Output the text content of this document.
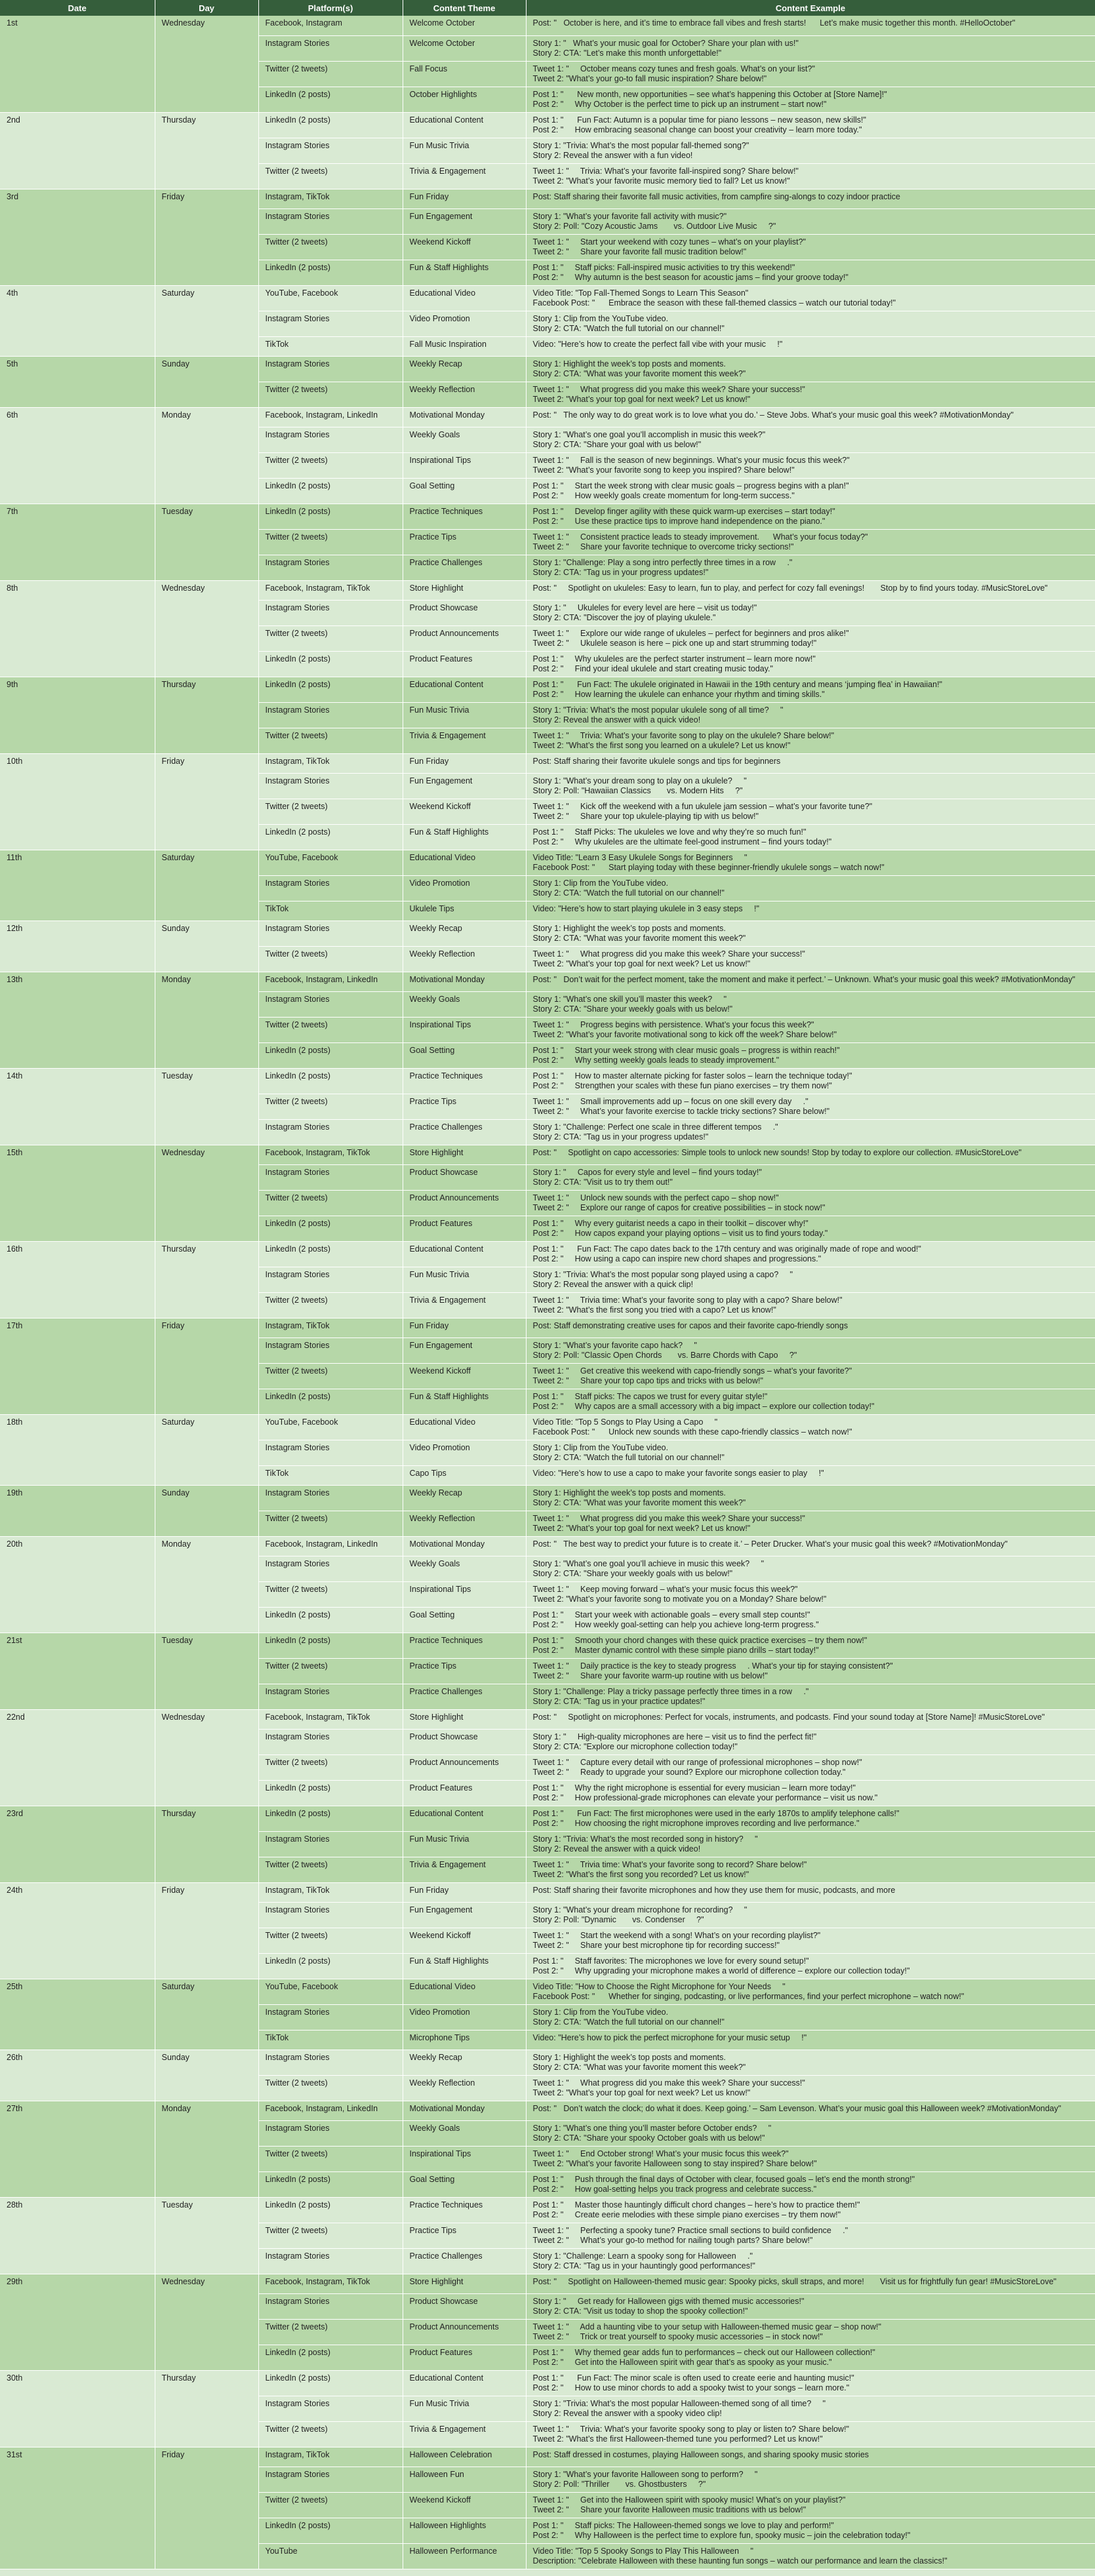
Date	Day	Platform(s)	Content Theme	Content Example
1st	Wednesday	Facebook, Instagram	Welcome October	Post: "   October is here, and it’s time to embrace fall vibes and fresh starts!      Let’s make music together this month. #HelloOctober"
		Instagram Stories	Welcome October	Story 1: "   What’s your music goal for October? Share your plan with us!"
Story 2: CTA: "Let’s make this month unforgettable!"
		Twitter (2 tweets)	Fall Focus	Tweet 1: "     October means cozy tunes and fresh goals. What’s on your list?"
Tweet 2: "What’s your go-to fall music inspiration? Share below!"
		LinkedIn (2 posts)	October Highlights	Post 1: "      New month, new opportunities – see what’s happening this October at [Store Name]!"
Post 2: "     Why October is the perfect time to pick up an instrument – start now!"
2nd	Thursday	LinkedIn (2 posts)	Educational Content	Post 1: "      Fun Fact: Autumn is a popular time for piano lessons – new season, new skills!"
Post 2: "     How embracing seasonal change can boost your creativity – learn more today."
		Instagram Stories	Fun Music Trivia	Story 1: "Trivia: What’s the most popular fall-themed song?"
Story 2: Reveal the answer with a fun video!
		Twitter (2 tweets)	Trivia & Engagement	Tweet 1: "     Trivia: What’s your favorite fall-inspired song? Share below!"
Tweet 2: "What’s your favorite music memory tied to fall? Let us know!"
3rd	Friday	Instagram, TikTok	Fun Friday	Post: Staff sharing their favorite fall music activities, from campfire sing-alongs to cozy indoor practice
		Instagram Stories	Fun Engagement	Story 1: "What’s your favorite fall activity with music?"
Story 2: Poll: "Cozy Acoustic Jams       vs. Outdoor Live Music     ?"
		Twitter (2 tweets)	Weekend Kickoff	Tweet 1: "     Start your weekend with cozy tunes – what’s on your playlist?"
Tweet 2: "     Share your favorite fall music tradition below!"
		LinkedIn (2 posts)	Fun & Staff Highlights	Post 1: "     Staff picks: Fall-inspired music activities to try this weekend!"
Post 2: "     Why autumn is the best season for acoustic jams – find your groove today!"
4th	Saturday	YouTube, Facebook	Educational Video	Video Title: "Top Fall-Themed Songs to Learn This Season"
Facebook Post: "      Embrace the season with these fall-themed classics – watch our tutorial today!"
		Instagram Stories	Video Promotion	Story 1: Clip from the YouTube video.
Story 2: CTA: "Watch the full tutorial on our channel!"
		TikTok	Fall Music Inspiration	Video: "Here’s how to create the perfect fall vibe with your music     !"
5th	Sunday	Instagram Stories	Weekly Recap	Story 1: Highlight the week’s top posts and moments.
Story 2: CTA: "What was your favorite moment this week?"
		Twitter (2 tweets)	Weekly Reflection	Tweet 1: "     What progress did you make this week? Share your success!"
Tweet 2: "What’s your top goal for next week? Let us know!"
6th	Monday	Facebook, Instagram, LinkedIn	Motivational Monday	Post: "   The only way to do great work is to love what you do.’ – Steve Jobs. What’s your music goal this week? #MotivationMonday"
		Instagram Stories	Weekly Goals	Story 1: "What’s one goal you’ll accomplish in music this week?"
Story 2: CTA: "Share your goal with us below!"
		Twitter (2 tweets)	Inspirational Tips	Tweet 1: "     Fall is the season of new beginnings. What’s your music focus this week?"
Tweet 2: "What’s your favorite song to keep you inspired? Share below!"
		LinkedIn (2 posts)	Goal Setting	Post 1: "     Start the week strong with clear music goals – progress begins with a plan!"
Post 2: "     How weekly goals create momentum for long-term success."
7th	Tuesday	LinkedIn (2 posts)	Practice Techniques	Post 1: "     Develop finger agility with these quick warm-up exercises – start today!"
Post 2: "     Use these practice tips to improve hand independence on the piano."
		Twitter (2 tweets)	Practice Tips	Tweet 1: "     Consistent practice leads to steady improvement.      What’s your focus today?"
Tweet 2: "     Share your favorite technique to overcome tricky sections!"
		Instagram Stories	Practice Challenges	Story 1: "Challenge: Play a song intro perfectly three times in a row     ."
Story 2: CTA: "Tag us in your progress updates!"
8th	Wednesday	Facebook, Instagram, TikTok	Store Highlight	Post: "     Spotlight on ukuleles: Easy to learn, fun to play, and perfect for cozy fall evenings!       Stop by to find yours today. #MusicStoreLove"
		Instagram Stories	Product Showcase	Story 1: "     Ukuleles for every level are here – visit us today!"
Story 2: CTA: "Discover the joy of playing ukulele."
		Twitter (2 tweets)	Product Announcements	Tweet 1: "     Explore our wide range of ukuleles – perfect for beginners and pros alike!"
Tweet 2: "     Ukulele season is here – pick one up and start strumming today!"
		LinkedIn (2 posts)	Product Features	Post 1: "     Why ukuleles are the perfect starter instrument – learn more now!"
Post 2: "     Find your ideal ukulele and start creating music today."
9th	Thursday	LinkedIn (2 posts)	Educational Content	Post 1: "      Fun Fact: The ukulele originated in Hawaii in the 19th century and means ‘jumping flea’ in Hawaiian!"
Post 2: "     How learning the ukulele can enhance your rhythm and timing skills."
		Instagram Stories	Fun Music Trivia	Story 1: "Trivia: What’s the most popular ukulele song of all time?     "
Story 2: Reveal the answer with a quick video!
		Twitter (2 tweets)	Trivia & Engagement	Tweet 1: "     Trivia: What’s your favorite song to play on the ukulele? Share below!"
Tweet 2: "What’s the first song you learned on a ukulele? Let us know!"
10th	Friday	Instagram, TikTok	Fun Friday	Post: Staff sharing their favorite ukulele songs and tips for beginners
		Instagram Stories	Fun Engagement	Story 1: "What’s your dream song to play on a ukulele?     "
Story 2: Poll: "Hawaiian Classics       vs. Modern Hits     ?"
		Twitter (2 tweets)	Weekend Kickoff	Tweet 1: "     Kick off the weekend with a fun ukulele jam session – what’s your favorite tune?"
Tweet 2: "     Share your top ukulele-playing tip with us below!"
		LinkedIn (2 posts)	Fun & Staff Highlights	Post 1: "     Staff Picks: The ukuleles we love and why they’re so much fun!"
Post 2: "     Why ukuleles are the ultimate feel-good instrument – find yours today!"
11th	Saturday	YouTube, Facebook	Educational Video	Video Title: "Learn 3 Easy Ukulele Songs for Beginners     "
Facebook Post: "      Start playing today with these beginner-friendly ukulele songs – watch now!"
		Instagram Stories	Video Promotion	Story 1: Clip from the YouTube video.
Story 2: CTA: "Watch the full tutorial on our channel!"
		TikTok	Ukulele Tips	Video: "Here’s how to start playing ukulele in 3 easy steps     !"
12th	Sunday	Instagram Stories	Weekly Recap	Story 1: Highlight the week’s top posts and moments.
Story 2: CTA: "What was your favorite moment this week?"
		Twitter (2 tweets)	Weekly Reflection	Tweet 1: "     What progress did you make this week? Share your success!"
Tweet 2: "What’s your top goal for next week? Let us know!"
13th	Monday	Facebook, Instagram, LinkedIn	Motivational Monday	Post: "   Don’t wait for the perfect moment, take the moment and make it perfect.’ – Unknown. What’s your music goal this week? #MotivationMonday"
		Instagram Stories	Weekly Goals	Story 1: "What’s one skill you’ll master this week?     "
Story 2: CTA: "Share your weekly goals with us below!"
		Twitter (2 tweets)	Inspirational Tips	Tweet 1: "     Progress begins with persistence. What’s your focus this week?"
Tweet 2: "What’s your favorite motivational song to kick off the week? Share below!"
		LinkedIn (2 posts)	Goal Setting	Post 1: "     Start your week strong with clear music goals – progress is within reach!"
Post 2: "     Why setting weekly goals leads to steady improvement."
14th	Tuesday	LinkedIn (2 posts)	Practice Techniques	Post 1: "     How to master alternate picking for faster solos – learn the technique today!"
Post 2: "     Strengthen your scales with these fun piano exercises – try them now!"
		Twitter (2 tweets)	Practice Tips	Tweet 1: "     Small improvements add up – focus on one skill every day     ."
Tweet 2: "     What’s your favorite exercise to tackle tricky sections? Share below!"
		Instagram Stories	Practice Challenges	Story 1: "Challenge: Perfect one scale in three different tempos     ."
Story 2: CTA: "Tag us in your progress updates!"
15th	Wednesday	Facebook, Instagram, TikTok	Store Highlight	Post: "     Spotlight on capo accessories: Simple tools to unlock new sounds! Stop by today to explore our collection. #MusicStoreLove"
		Instagram Stories	Product Showcase	Story 1: "     Capos for every style and level – find yours today!"
Story 2: CTA: "Visit us to try them out!"
		Twitter (2 tweets)	Product Announcements	Tweet 1: "     Unlock new sounds with the perfect capo – shop now!"
Tweet 2: "     Explore our range of capos for creative possibilities – in stock now!"
		LinkedIn (2 posts)	Product Features	Post 1: "     Why every guitarist needs a capo in their toolkit – discover why!"
Post 2: "     How capos expand your playing options – visit us to find yours today."
16th	Thursday	LinkedIn (2 posts)	Educational Content	Post 1: "      Fun Fact: The capo dates back to the 17th century and was originally made of rope and wood!"
Post 2: "     How using a capo can inspire new chord shapes and progressions."
		Instagram Stories	Fun Music Trivia	Story 1: "Trivia: What’s the most popular song played using a capo?     "
Story 2: Reveal the answer with a quick clip!
		Twitter (2 tweets)	Trivia & Engagement	Tweet 1: "     Trivia time: What’s your favorite song to play with a capo? Share below!"
Tweet 2: "What’s the first song you tried with a capo? Let us know!"
17th	Friday	Instagram, TikTok	Fun Friday	Post: Staff demonstrating creative uses for capos and their favorite capo-friendly songs
		Instagram Stories	Fun Engagement	Story 1: "What’s your favorite capo hack?     "
Story 2: Poll: "Classic Open Chords       vs. Barre Chords with Capo     ?"
		Twitter (2 tweets)	Weekend Kickoff	Tweet 1: "     Get creative this weekend with capo-friendly songs – what’s your favorite?"
Tweet 2: "     Share your top capo tips and tricks with us below!"
		LinkedIn (2 posts)	Fun & Staff Highlights	Post 1: "     Staff picks: The capos we trust for every guitar style!"
Post 2: "     Why capos are a small accessory with a big impact – explore our collection today!"
18th	Saturday	YouTube, Facebook	Educational Video	Video Title: "Top 5 Songs to Play Using a Capo     "
Facebook Post: "      Unlock new sounds with these capo-friendly classics – watch now!"
		Instagram Stories	Video Promotion	Story 1: Clip from the YouTube video.
Story 2: CTA: "Watch the full tutorial on our channel!"
		TikTok	Capo Tips	Video: "Here’s how to use a capo to make your favorite songs easier to play     !"
19th	Sunday	Instagram Stories	Weekly Recap	Story 1: Highlight the week’s top posts and moments.
Story 2: CTA: "What was your favorite moment this week?"
		Twitter (2 tweets)	Weekly Reflection	Tweet 1: "     What progress did you make this week? Share your success!"
Tweet 2: "What’s your top goal for next week? Let us know!"
20th	Monday	Facebook, Instagram, LinkedIn	Motivational Monday	Post: "   The best way to predict your future is to create it.’ – Peter Drucker. What’s your music goal this week? #MotivationMonday"
		Instagram Stories	Weekly Goals	Story 1: "What’s one goal you’ll achieve in music this week?     "
Story 2: CTA: "Share your weekly goals with us below!"
		Twitter (2 tweets)	Inspirational Tips	Tweet 1: "     Keep moving forward – what’s your music focus this week?"
Tweet 2: "What’s your favorite song to motivate you on a Monday? Share below!"
		LinkedIn (2 posts)	Goal Setting	Post 1: "     Start your week with actionable goals – every small step counts!"
Post 2: "     How weekly goal-setting can help you achieve long-term progress."
21st	Tuesday	LinkedIn (2 posts)	Practice Techniques	Post 1: "     Smooth your chord changes with these quick practice exercises – try them now!"
Post 2: "     Master dynamic control with these simple piano drills – start today!"
		Twitter (2 tweets)	Practice Tips	Tweet 1: "     Daily practice is the key to steady progress     . What’s your tip for staying consistent?"
Tweet 2: "     Share your favorite warm-up routine with us below!"
		Instagram Stories	Practice Challenges	Story 1: "Challenge: Play a tricky passage perfectly three times in a row     ."
Story 2: CTA: "Tag us in your practice updates!"
22nd	Wednesday	Facebook, Instagram, TikTok	Store Highlight	Post: "     Spotlight on microphones: Perfect for vocals, instruments, and podcasts. Find your sound today at [Store Name]! #MusicStoreLove"
		Instagram Stories	Product Showcase	Story 1: "     High-quality microphones are here – visit us to find the perfect fit!"
Story 2: CTA: "Explore our microphone collection today!"
		Twitter (2 tweets)	Product Announcements	Tweet 1: "     Capture every detail with our range of professional microphones – shop now!"
Tweet 2: "     Ready to upgrade your sound? Explore our microphone collection today."
		LinkedIn (2 posts)	Product Features	Post 1: "     Why the right microphone is essential for every musician – learn more today!"
Post 2: "     How professional-grade microphones can elevate your performance – visit us now."
23rd	Thursday	LinkedIn (2 posts)	Educational Content	Post 1: "      Fun Fact: The first microphones were used in the early 1870s to amplify telephone calls!"
Post 2: "     How choosing the right microphone improves recording and live performance."
		Instagram Stories	Fun Music Trivia	Story 1: "Trivia: What’s the most recorded song in history?     "
Story 2: Reveal the answer with a quick video!
		Twitter (2 tweets)	Trivia & Engagement	Tweet 1: "     Trivia time: What’s your favorite song to record? Share below!"
Tweet 2: "What’s the first song you recorded? Let us know!"
24th	Friday	Instagram, TikTok	Fun Friday	Post: Staff sharing their favorite microphones and how they use them for music, podcasts, and more
		Instagram Stories	Fun Engagement	Story 1: "What’s your dream microphone for recording?     "
Story 2: Poll: "Dynamic       vs. Condenser     ?"
		Twitter (2 tweets)	Weekend Kickoff	Tweet 1: "     Start the weekend with a song! What’s on your recording playlist?"
Tweet 2: "     Share your best microphone tip for recording success!"
		LinkedIn (2 posts)	Fun & Staff Highlights	Post 1: "     Staff favorites: The microphones we love for every sound setup!"
Post 2: "     Why upgrading your microphone makes a world of difference – explore our collection today!"
25th	Saturday	YouTube, Facebook	Educational Video	Video Title: "How to Choose the Right Microphone for Your Needs     "
Facebook Post: "      Whether for singing, podcasting, or live performances, find your perfect microphone – watch now!"
		Instagram Stories	Video Promotion	Story 1: Clip from the YouTube video.
Story 2: CTA: "Watch the full tutorial on our channel!"
		TikTok	Microphone Tips	Video: "Here’s how to pick the perfect microphone for your music setup     !"
26th	Sunday	Instagram Stories	Weekly Recap	Story 1: Highlight the week’s top posts and moments.
Story 2: CTA: "What was your favorite moment this week?"
		Twitter (2 tweets)	Weekly Reflection	Tweet 1: "     What progress did you make this week? Share your success!"
Tweet 2: "What’s your top goal for next week? Let us know!"
27th	Monday	Facebook, Instagram, LinkedIn	Motivational Monday	Post: "   Don’t watch the clock; do what it does. Keep going.’ – Sam Levenson. What’s your music goal this Halloween week? #MotivationMonday"
		Instagram Stories	Weekly Goals	Story 1: "What’s one thing you’ll master before October ends?     "
Story 2: CTA: "Share your spooky October goals with us below!"
		Twitter (2 tweets)	Inspirational Tips	Tweet 1: "     End October strong! What’s your music focus this week?"
Tweet 2: "What’s your favorite Halloween song to stay inspired? Share below!"
		LinkedIn (2 posts)	Goal Setting	Post 1: "     Push through the final days of October with clear, focused goals – let’s end the month strong!"
Post 2: "     How goal-setting helps you track progress and celebrate success."
28th	Tuesday	LinkedIn (2 posts)	Practice Techniques	Post 1: "     Master those hauntingly difficult chord changes – here’s how to practice them!"
Post 2: "     Create eerie melodies with these simple piano exercises – try them now!"
		Twitter (2 tweets)	Practice Tips	Tweet 1: "     Perfecting a spooky tune? Practice small sections to build confidence     ."
Tweet 2: "     What’s your go-to method for nailing tough parts? Share below!"
		Instagram Stories	Practice Challenges	Story 1: "Challenge: Learn a spooky song for Halloween     ."
Story 2: CTA: "Tag us in your hauntingly good performances!"
29th	Wednesday	Facebook, Instagram, TikTok	Store Highlight	Post: "     Spotlight on Halloween-themed music gear: Spooky picks, skull straps, and more!       Visit us for frightfully fun gear! #MusicStoreLove"
		Instagram Stories	Product Showcase	Story 1: "     Get ready for Halloween gigs with themed music accessories!"
Story 2: CTA: "Visit us today to shop the spooky collection!"
		Twitter (2 tweets)	Product Announcements	Tweet 1: "     Add a haunting vibe to your setup with Halloween-themed music gear – shop now!"
Tweet 2: "     Trick or treat yourself to spooky music accessories – in stock now!"
		LinkedIn (2 posts)	Product Features	Post 1: "     Why themed gear adds fun to performances – check out our Halloween collection!"
Post 2: "     Get into the Halloween spirit with gear that’s as spooky as your music."
30th	Thursday	LinkedIn (2 posts)	Educational Content	Post 1: "      Fun Fact: The minor scale is often used to create eerie and haunting music!"
Post 2: "     How to use minor chords to add a spooky twist to your songs – learn more."
		Instagram Stories	Fun Music Trivia	Story 1: "Trivia: What’s the most popular Halloween-themed song of all time?     "
Story 2: Reveal the answer with a spooky video clip!
		Twitter (2 tweets)	Trivia & Engagement	Tweet 1: "     Trivia: What’s your favorite spooky song to play or listen to? Share below!"
Tweet 2: "What’s the first Halloween-themed tune you performed? Let us know!"
31st	Friday	Instagram, TikTok	Halloween Celebration	Post: Staff dressed in costumes, playing Halloween songs, and sharing spooky music stories
		Instagram Stories	Halloween Fun	Story 1: "What’s your favorite Halloween song to perform?     "
Story 2: Poll: "Thriller       vs. Ghostbusters     ?"
		Twitter (2 tweets)	Weekend Kickoff	Tweet 1: "     Get into the Halloween spirit with spooky music! What’s on your playlist?"
Tweet 2: "     Share your favorite Halloween music traditions with us below!"
		LinkedIn (2 posts)	Halloween Highlights	Post 1: "     Staff picks: The Halloween-themed songs we love to play and perform!"
Post 2: "     Why Halloween is the perfect time to explore fun, spooky music – join the celebration today!"
		YouTube	Halloween Performance	Video Title: "Top 5 Spooky Songs to Play This Halloween     "
Description: "Celebrate Halloween with these haunting fun songs – watch our performance and learn the classics!"
